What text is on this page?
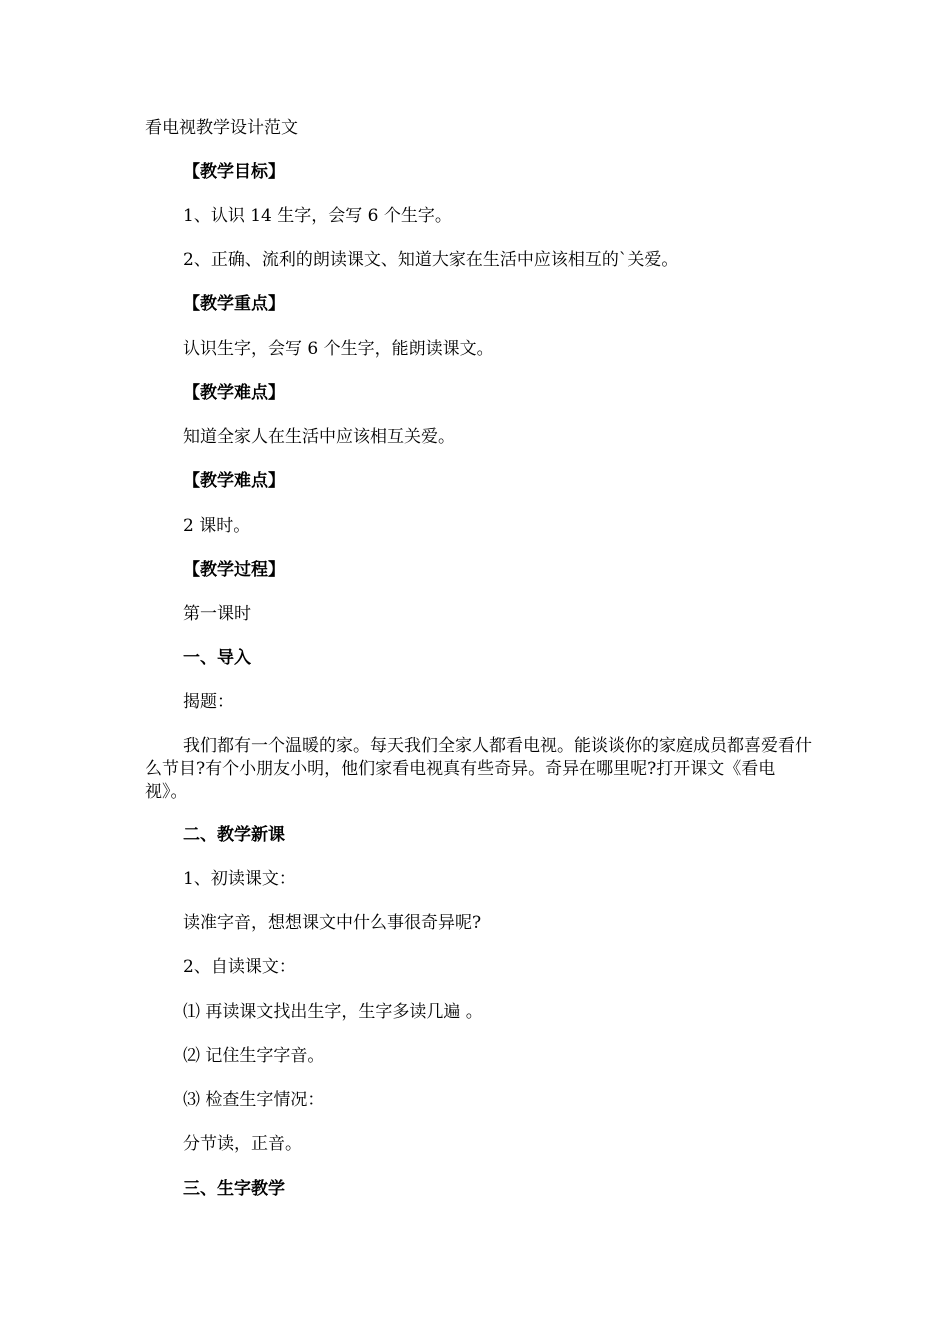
看电视教学设计范文
【教学目标】
1、认识 14 生字，会写 6 个生字。
2、正确、流利的朗读课文、知道大家在生活中应该相互的`关爱。
【教学重点】
认识生字，会写 6 个生字，能朗读课文。
【教学难点】
知道全家人在生活中应该相互关爱。
【教学难点】
2 课时。
【教学过程】
第一课时
一、导入
揭题：
我们都有一个温暖的家。每天我们全家人都看电视。能谈谈你的家庭成员都喜爱看什么节目?有个小朋友小明，他们家看电视真有些奇异。奇异在哪里呢?打开课文《看电视》。
二、教学新课
1、初读课文：
读准字音，想想课文中什么事很奇异呢?
2、自读课文：
⑴ 再读课文找出生字，生字多读几遍 。
⑵ 记住生字字音。
⑶ 检查生字情况：
分节读，正音。
三、生字教学
